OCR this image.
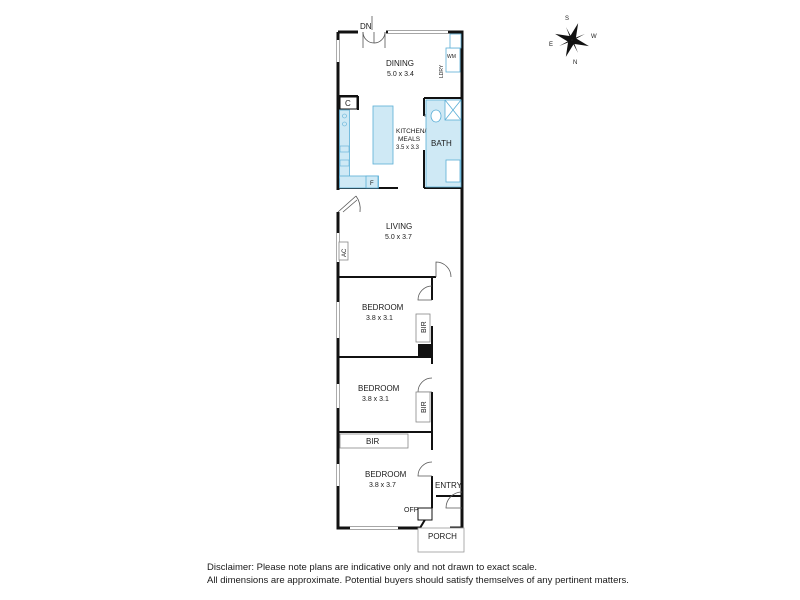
DN
DINING
5.0 x 3.4
WM
LDRY
C
KITCHEN/
MEALS
3.5 x 3.3 BATH
F
LIVING
5.0 x 3.7
AC
BEDROOM
3.8 x 3.1
BIR
BEDROOM
3.8 x 3.1
BIR
BIR
BEDROOM
3.8 x 3.7	ENTRY
OFP
PORCH
S
N
E
W
Disclaimer: Please note plans are indicative only and not drawn to exact scale.
All dimensions are approximate. Potential buyers should satisfy themselves of any pertinent matters.
